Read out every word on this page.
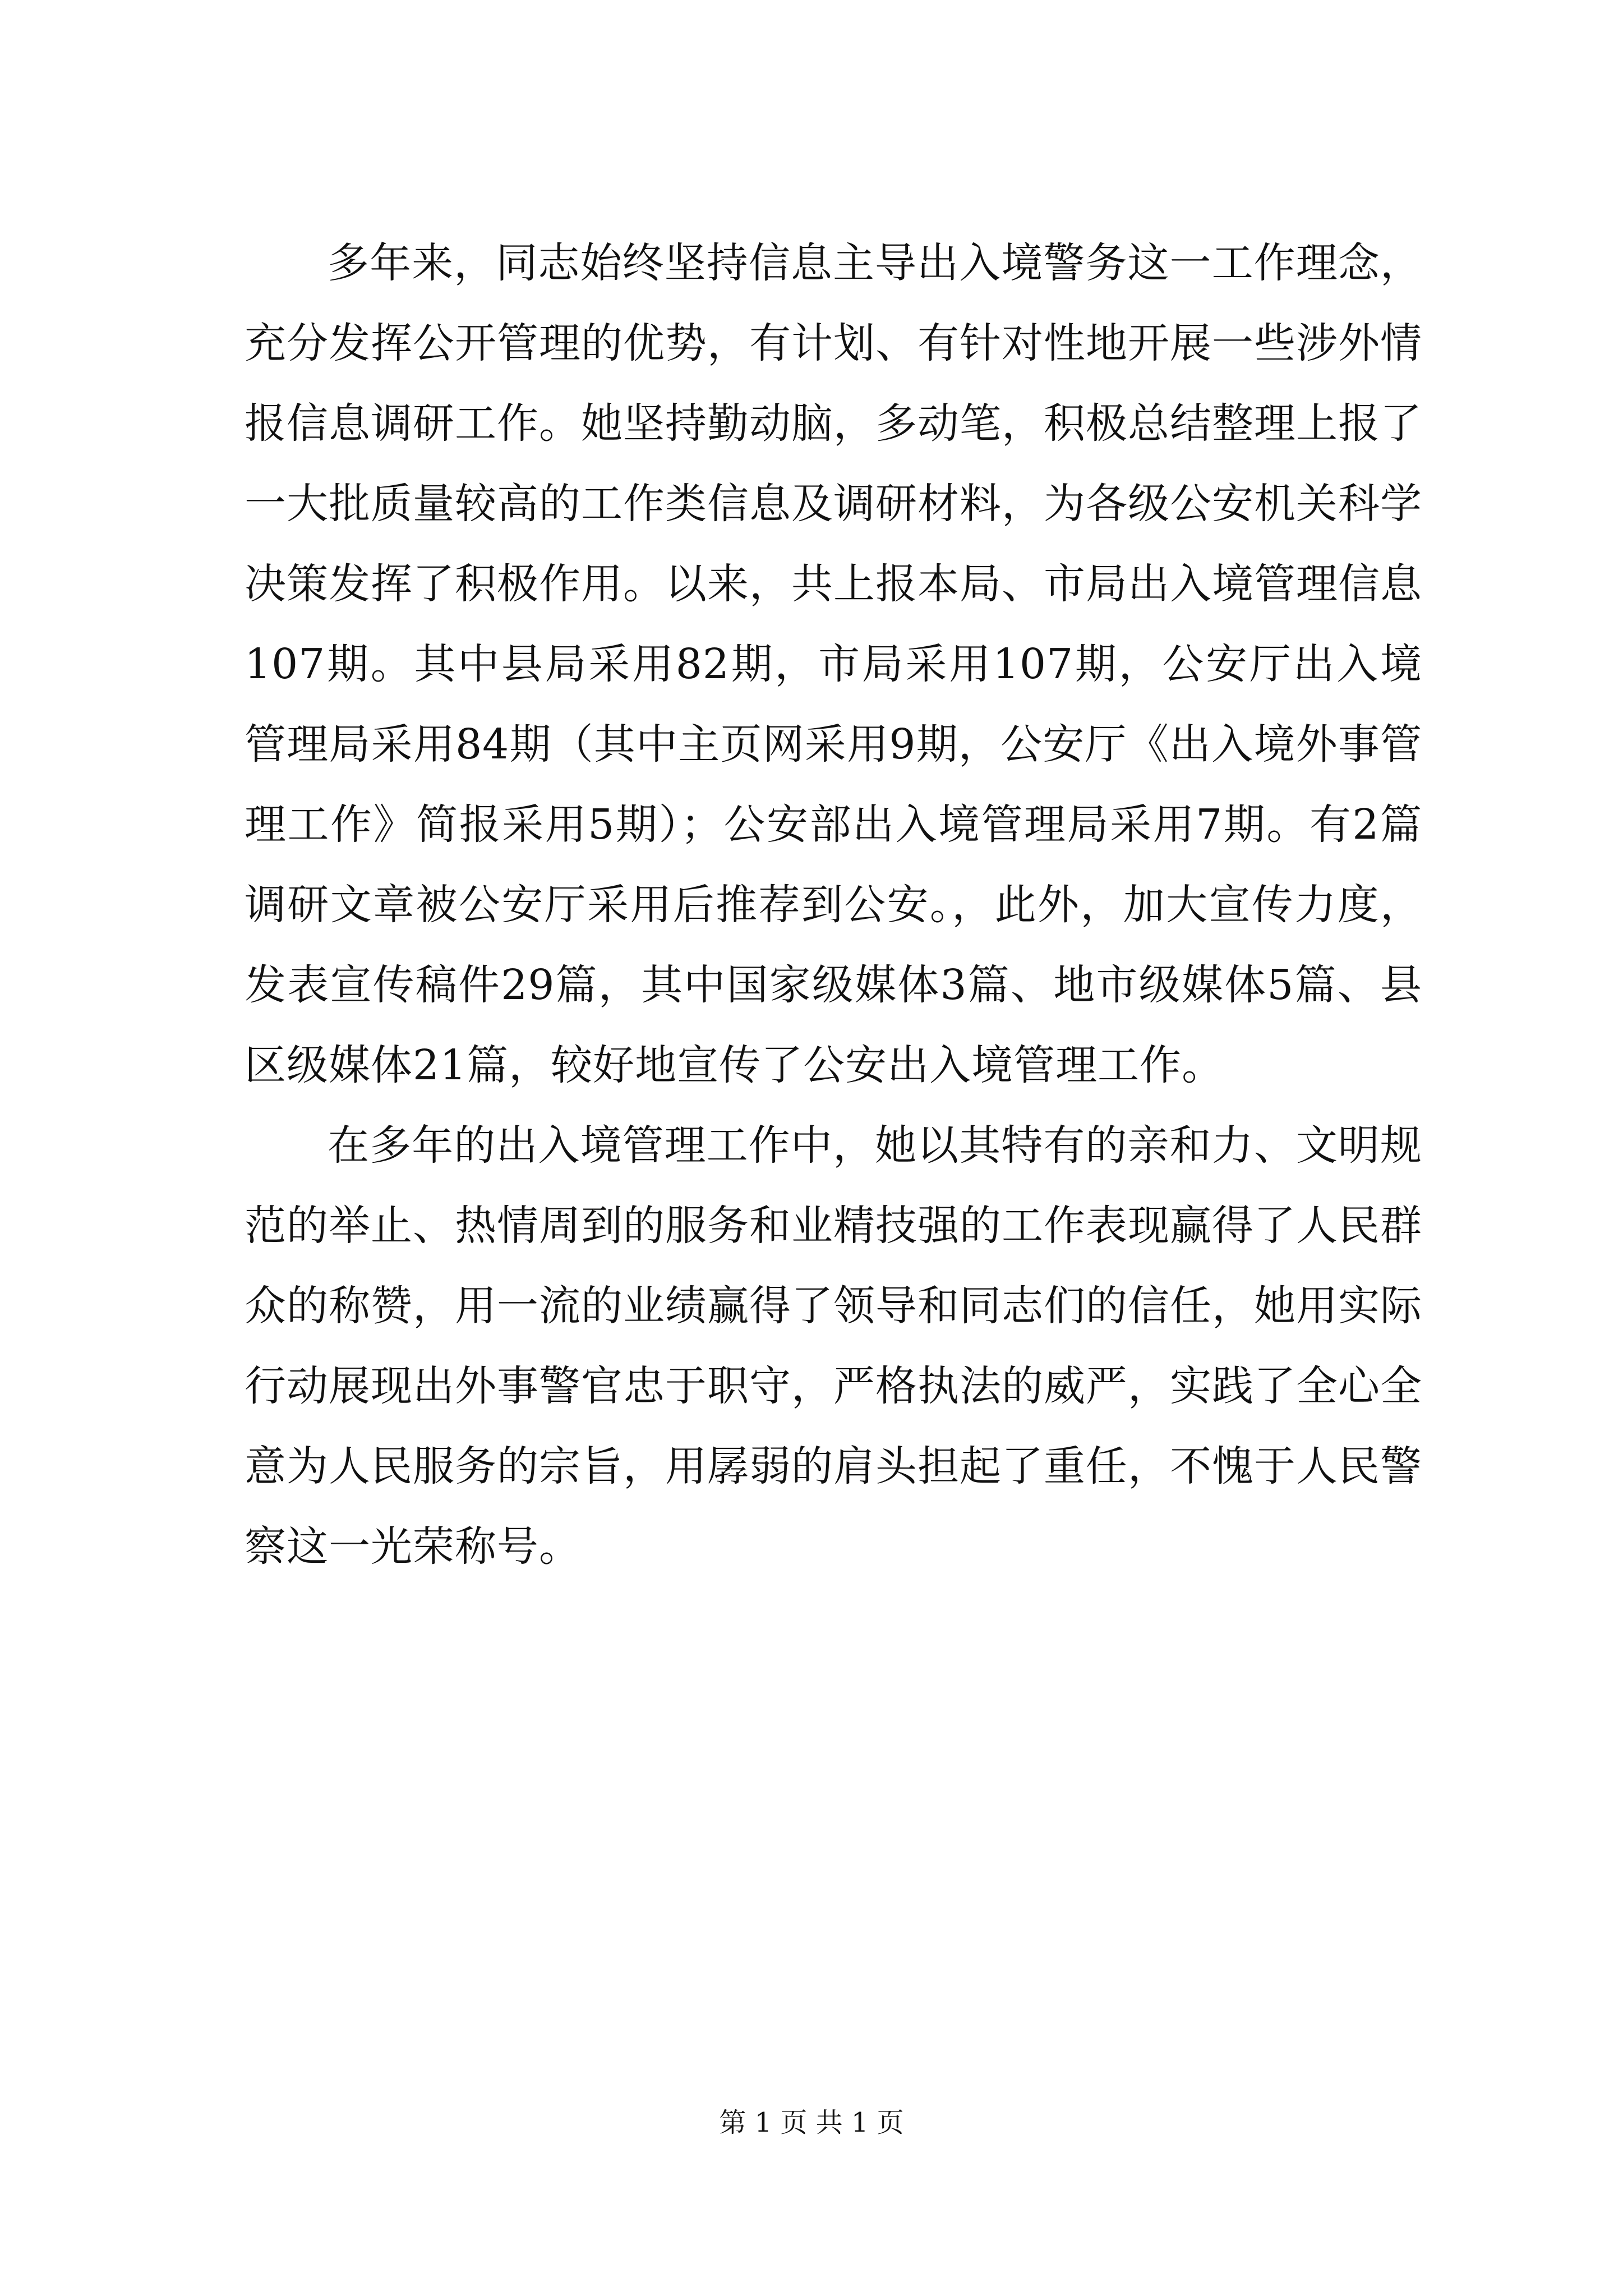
多年来，同志始终坚持信息主导出入境警务这一工作理念，充分发挥公开管理的优势，有计划、有针对性地开展一些涉外情报信息调研工作。她坚持勤动脑，多动笔，积极总结整理上报了一大批质量较高的工作类信息及调研材料，为各级公安机关科学决策发挥了积极作用。以来，共上报本局、市局出入境管理信息107期。其中县局采用82期，市局采用107期，公安厅出入境管理局采用84期（其中主页网采用9期，公安厅《出入境外事管理工作》简报采用5期）；公安部出入境管理局采用7期。有2篇调研文章被公安厅采用后推荐到公安。，此外，加大宣传力度，发表宣传稿件29篇，其中国家级媒体3篇、地市级媒体5篇、县区级媒体21篇，较好地宣传了公安出入境管理工作。

在多年的出入境管理工作中，她以其特有的亲和力、文明规范的举止、热情周到的服务和业精技强的工作表现赢得了人民群众的称赞，用一流的业绩赢得了领导和同志们的信任，她用实际行动展现出外事警官忠于职守，严格执法的威严，实践了全心全意为人民服务的宗旨，用孱弱的肩头担起了重任，不愧于人民警察这一光荣称号。

第 1 页 共 1 页
